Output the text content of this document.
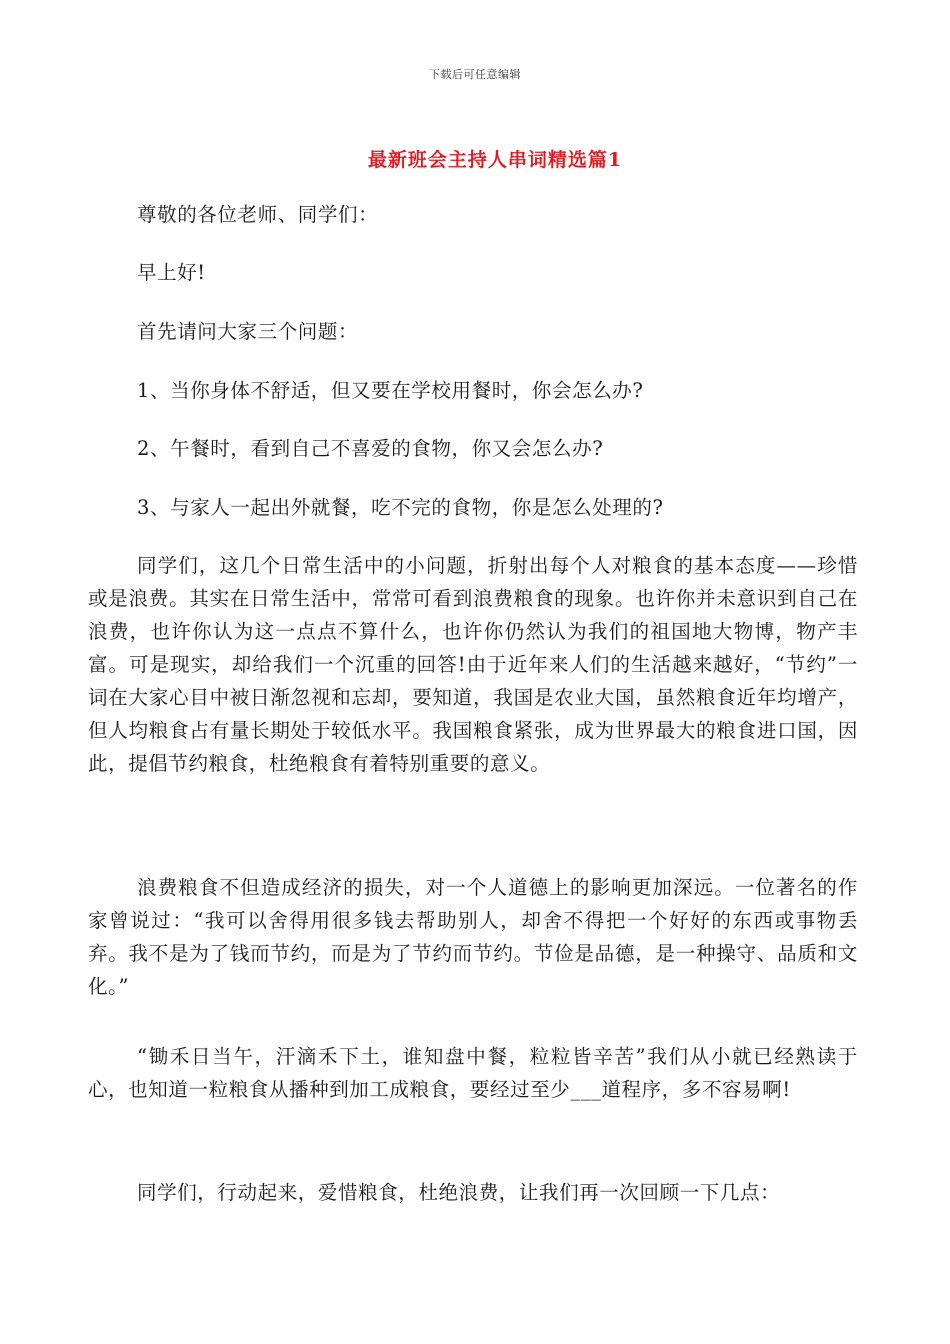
下载后可任意编辑
最新班会主持人串词精选篇1
尊敬的各位老师、同学们：
早上好!
首先请问大家三个问题：
1、当你身体不舒适，但又要在学校用餐时，你会怎么办?
2、午餐时，看到自己不喜爱的食物，你又会怎么办?
3、与家人一起出外就餐，吃不完的食物，你是怎么处理的?

同学们，这几个日常生活中的小问题，折射出每个人对粮食的基本态度——珍惜或是浪费。其实在日常生活中，常常可看到浪费粮食的现象。也许你并未意识到自己在浪费，也许你认为这一点点不算什么，也许你仍然认为我们的祖国地大物博，物产丰富。可是现实，却给我们一个沉重的回答!由于近年来人们的生活越来越好，“节约”一词在大家心目中被日渐忽视和忘却，要知道，我国是农业大国，虽然粮食近年均增产，但人均粮食占有量长期处于较低水平。我国粮食紧张，成为世界最大的粮食进口国，因此，提倡节约粮食，杜绝粮食有着特别重要的意义。

浪费粮食不但造成经济的损失，对一个人道德上的影响更加深远。一位著名的作家曾说过：“我可以舍得用很多钱去帮助别人，却舍不得把一个好好的东西或事物丢弃。我不是为了钱而节约，而是为了节约而节约。节俭是品德，是一种操守、品质和文化。”

“锄禾日当午，汗滴禾下土，谁知盘中餐，粒粒皆辛苦”我们从小就已经熟读于心，也知道一粒粮食从播种到加工成粮食，要经过至少___道程序，多不容易啊!

同学们，行动起来，爱惜粮食，杜绝浪费，让我们再一次回顾一下几点：
